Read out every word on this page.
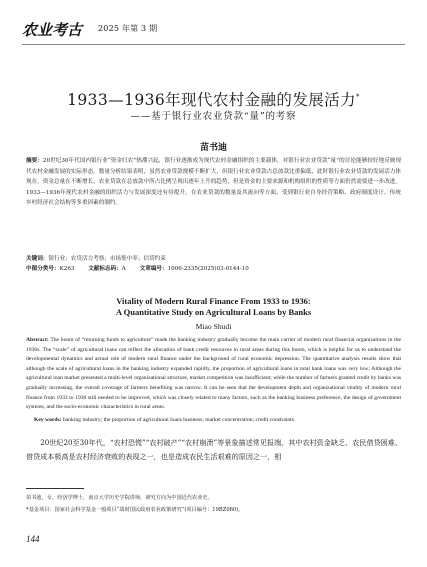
农业考古 2025 年第 3 期
1933—1936年现代农村金融的发展活力*
——基于银行业农业贷款“量”的考察
苗书迪
摘要：20世纪30年代国内银行业“资金归农”热潮兴起，银行业逐渐成为现代农村金融组织的主要载体，对银行业农业贷款“量”的讨论能够较好地反映现代农村金融发展的实际形态。数量分析结果表明，虽然农业贷款规模不断扩大，但银行业农业贷款占总放款比重偏低，此时银行业农业贷款的发展活力体现在，资金总量在不断增长，农业贷款在总放款中所占比例呈现出逐年上升的趋势，但是资金的主要来源和机构组织的性质等方面仍然需要进一步改进。1933—1936年现代农村金融的组织活力与发展深度还有待提升，在农业贷款的数量及其流向等方面，受到银行业自身经营策略、政府制度设计、传统乡村经济社会结构等多重因素的制约。
关键词：银行业；农贷活力考察；市场集中率；信贷约束
中图分类号：K263 文献标志码：A 文章编号：1006-2335(2025)03-0144-10
Vitality of Modern Rural Finance From 1933 to 1936:
A Quantitative Study on Agricultural Loans by Banks
Miao Shudi
Abstract: The boom of “returning funds to agriculture” made the banking industry gradually become the main carrier of modern rural financial organizations in the 1930s. The “scale” of agricultural loans can reflect the allocation of bank credit resources in rural areas during this boom, which is helpful for us to understand the developmental dynamics and actual role of modern rural finance under the background of rural economic depression. The quantitative analysis results show that although the scale of agricultural loans in the banking industry expanded rapidly, the proportion of agricultural loans in total bank loans was very low; Although the agricultural loan market presented a multi-level organizational structure, market competition was insufficient; while the number of farmers granted credit by banks was gradually increasing, the overall coverage of farmers benefiting was narrow. It can be seen that the development depth and organizational vitality of modern rural finance from 1933 to 1936 still needed to be improved, which was closely related to many factors, such as the banking business preference, the design of government systems, and the socio-economic characteristics in rural areas.
Key words: banking industry; the proportion of agricultural loans business; market concentration; credit constraints
20世纪20至30年代，“农村恐慌”“农村破产”“农村崩溃”等景象描述常见报端，其中农村资金缺乏、农民借贷困难、借贷成本极高是农村经济衰败的表现之一，也是造成农民生活艰难的原因之一，相
苗书迪，女，经济学博士，南京大学历史学院讲师，研究方向为中国近代农业史。
*基金项目：国家社会科学基金一般项目“战时国民政府农业政策研究”(项目编号：19BZ060)。
144
